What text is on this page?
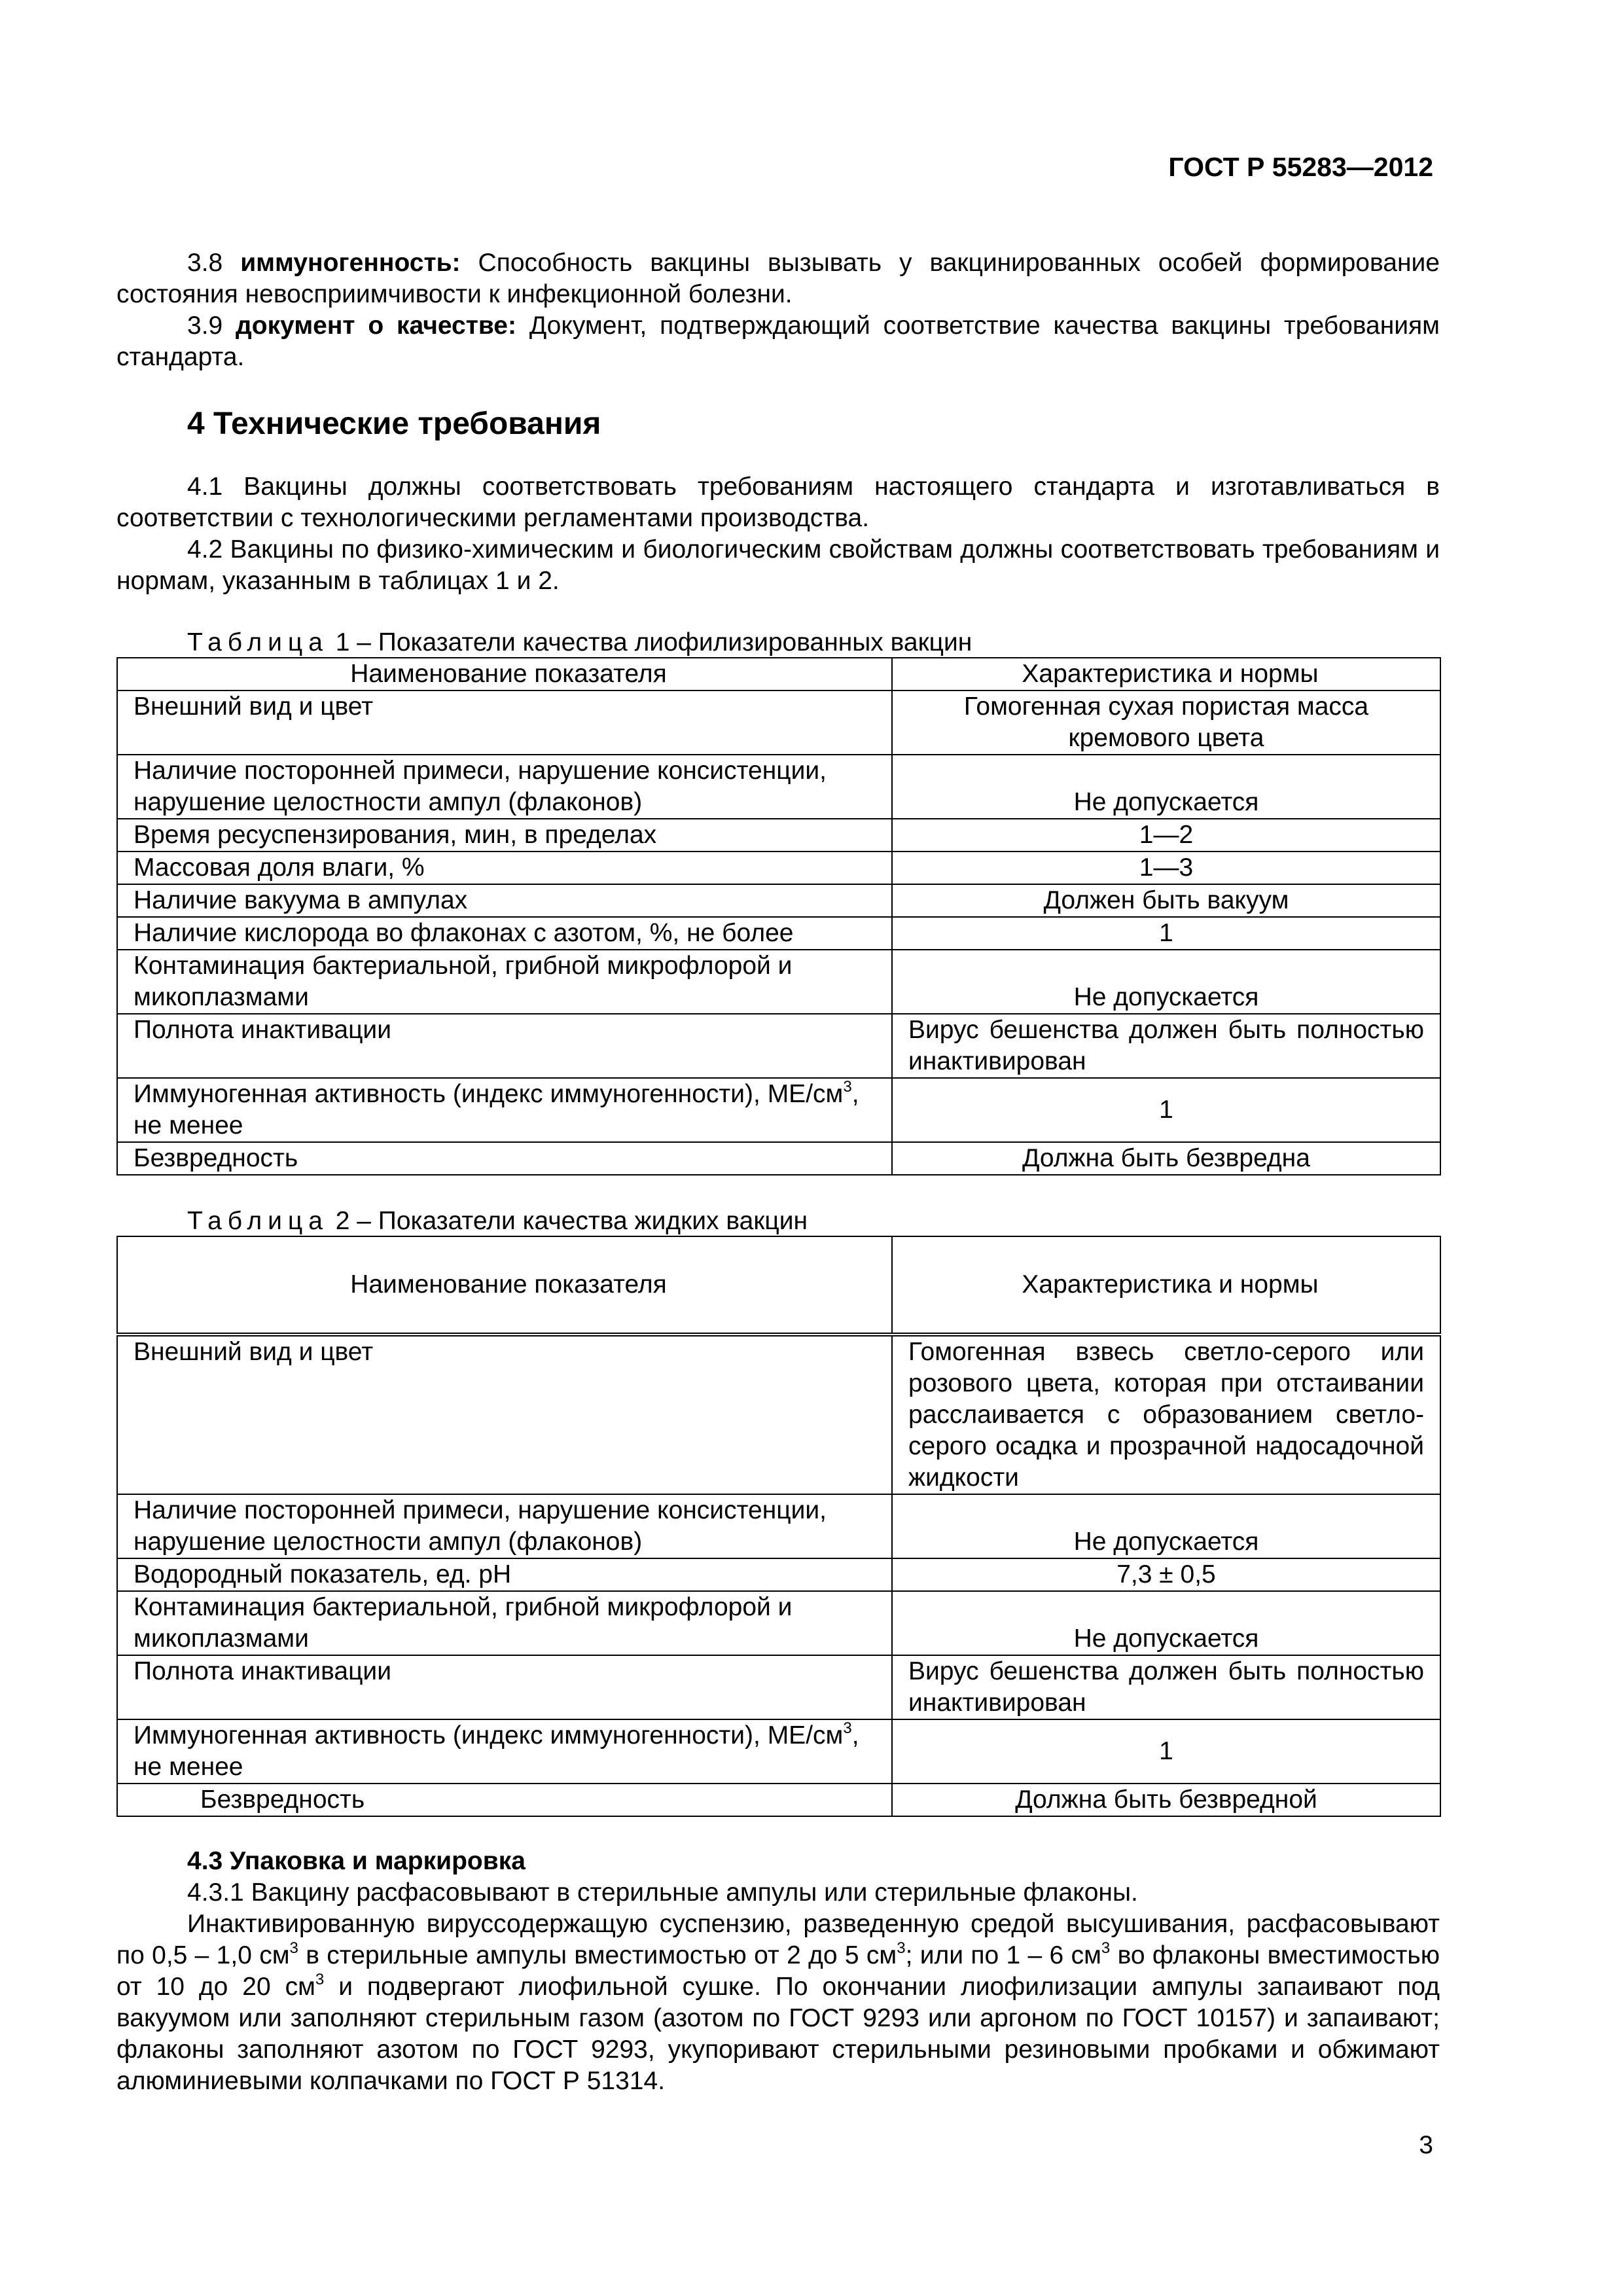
ГОСТ Р 55283—2012

3.8 иммуногенность: Способность вакцины вызывать у вакцинированных особей формирование состояния невосприимчивости к инфекционной болезни.

3.9 документ о качестве: Документ, подтверждающий соответствие качества вакцины требованиям стандарта.

4 Технические требования

4.1 Вакцины должны соответствовать требованиям настоящего стандарта и изготавливаться в соответствии с технологическими регламентами производства.

4.2 Вакцины по физико-химическим и биологическим свойствам должны соответствовать требованиям и нормам, указанным в таблицах 1 и 2.

Таблица 1 – Показатели качества лиофилизированных вакцин
Наименование показателя	Характеристика и нормы
Внешний вид и цвет	Гомогенная сухая пористая масса кремового цвета
Наличие посторонней примеси, нарушение консистенции, нарушение целостности ампул (флаконов)	Не допускается
Время ресуспензирования, мин, в пределах	1—2
Массовая доля влаги, %	1—3
Наличие вакуума в ампулах	Должен быть вакуум
Наличие кислорода во флаконах с азотом, %, не более	1
Контаминация бактериальной, грибной микрофлорой и микоплазмами	Не допускается
Полнота инактивации	Вирус бешенства должен быть полностью инактивирован
Иммуногенная активность (индекс иммуногенности), $МЕ/см^3$, не менее	1
Безвредность	Должна быть безвредна
Таблица 2 – Показатели качества жидких вакцин
Наименование показателя	Характеристика и нормы
Внешний вид и цвет	Гомогенная взвесь светло-серого или розового цвета, которая при отстаивании расслаивается с образованием светло-серого осадка и прозрачной надосадочной жидкости
Наличие посторонней примеси, нарушение консистенции, нарушение целостности ампул (флаконов)	Не допускается
Водородный показатель, ед. pH	7,3 ± 0,5
Контаминация бактериальной, грибной микрофлорой и микоплазмами	Не допускается
Полнота инактивации	Вирус бешенства должен быть полностью инактивирован
Иммуногенная активность (индекс иммуногенности), $МЕ/см^3$, не менее	1
Безвредность	Должна быть безвредной
4.3 Упаковка и маркировка

4.3.1 Вакцину расфасовывают в стерильные ампулы или стерильные флаконы.

Инактивированную вируссодержащую суспензию, разведенную средой высушивания, расфасовывают по 0,5 – 1,0 $см^3$ в стерильные ампулы вместимостью от 2 до 5 $см^3$; или по 1 – 6 $см^3$ во флаконы вместимостью от 10 до 20 $см^3$ и подвергают лиофильной сушке. По окончании лиофилизации ампулы запаивают под вакуумом или заполняют стерильным газом (азотом по ГОСТ 9293 или аргоном по ГОСТ 10157) и запаивают; флаконы заполняют азотом по ГОСТ 9293, укупоривают стерильными резиновыми пробками и обжимают алюминиевыми колпачками по ГОСТ Р 51314.

3
